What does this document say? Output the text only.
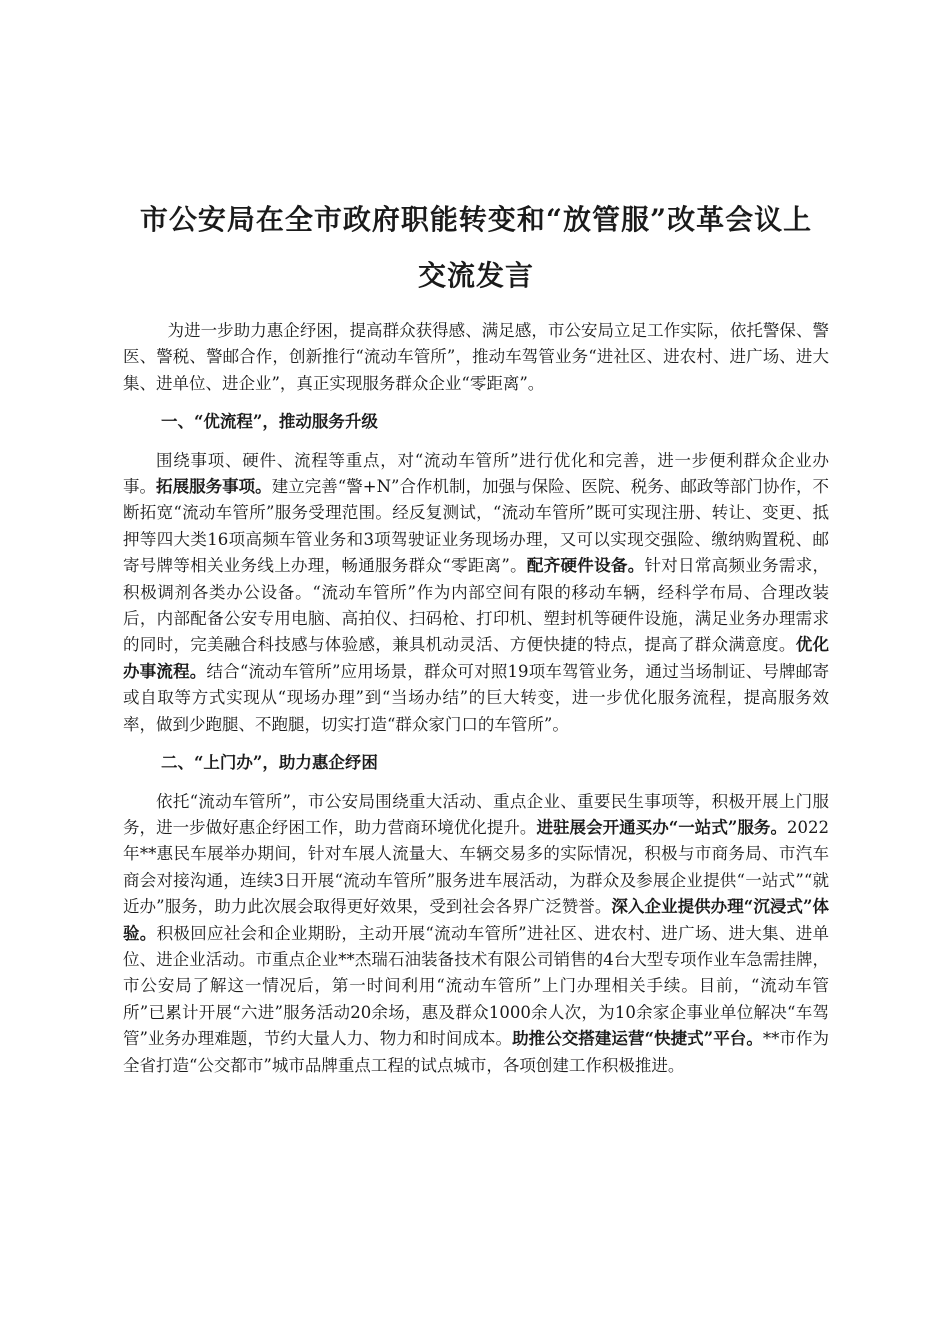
市公安局在全市政府职能转变和“放管服”改革会议上
交流发言

为进一步助力惠企纾困，提高群众获得感、满足感，市公安局立足工作实际，依托警保、警医、警税、警邮合作，创新推行“流动车管所”，推动车驾管业务“进社区、进农村、进广场、进大集、进单位、进企业”，真正实现服务群众企业“零距离”。

一、“优流程”，推动服务升级

围绕事项、硬件、流程等重点，对“流动车管所”进行优化和完善，进一步便利群众企业办事。拓展服务事项。建立完善“警+N”合作机制，加强与保险、医院、税务、邮政等部门协作，不断拓宽“流动车管所”服务受理范围。经反复测试，“流动车管所”既可实现注册、转让、变更、抵押等四大类16项高频车管业务和3项驾驶证业务现场办理，又可以实现交强险、缴纳购置税、邮寄号牌等相关业务线上办理，畅通服务群众“零距离”。配齐硬件设备。针对日常高频业务需求，积极调剂各类办公设备。“流动车管所”作为内部空间有限的移动车辆，经科学布局、合理改装后，内部配备公安专用电脑、高拍仪、扫码枪、打印机、塑封机等硬件设施，满足业务办理需求的同时，完美融合科技感与体验感，兼具机动灵活、方便快捷的特点，提高了群众满意度。优化办事流程。结合“流动车管所”应用场景，群众可对照19项车驾管业务，通过当场制证、号牌邮寄或自取等方式实现从“现场办理”到“当场办结”的巨大转变，进一步优化服务流程，提高服务效率，做到少跑腿、不跑腿，切实打造“群众家门口的车管所”。

二、“上门办”，助力惠企纾困

依托“流动车管所”，市公安局围绕重大活动、重点企业、重要民生事项等，积极开展上门服务，进一步做好惠企纾困工作，助力营商环境优化提升。进驻展会开通买办“一站式”服务。2022年**惠民车展举办期间，针对车展人流量大、车辆交易多的实际情况，积极与市商务局、市汽车商会对接沟通，连续3日开展“流动车管所”服务进车展活动，为群众及参展企业提供“一站式”“就近办”服务，助力此次展会取得更好效果，受到社会各界广泛赞誉。深入企业提供办理“沉浸式”体验。积极回应社会和企业期盼，主动开展“流动车管所”进社区、进农村、进广场、进大集、进单位、进企业活动。市重点企业**杰瑞石油装备技术有限公司销售的4台大型专项作业车急需挂牌，市公安局了解这一情况后，第一时间利用“流动车管所”上门办理相关手续。目前，“流动车管所”已累计开展“六进”服务活动20余场，惠及群众1000余人次，为10余家企事业单位解决“车驾管”业务办理难题，节约大量人力、物力和时间成本。助推公交搭建运营“快捷式”平台。**市作为全省打造“公交都市”城市品牌重点工程的试点城市，各项创建工作积极推进。
